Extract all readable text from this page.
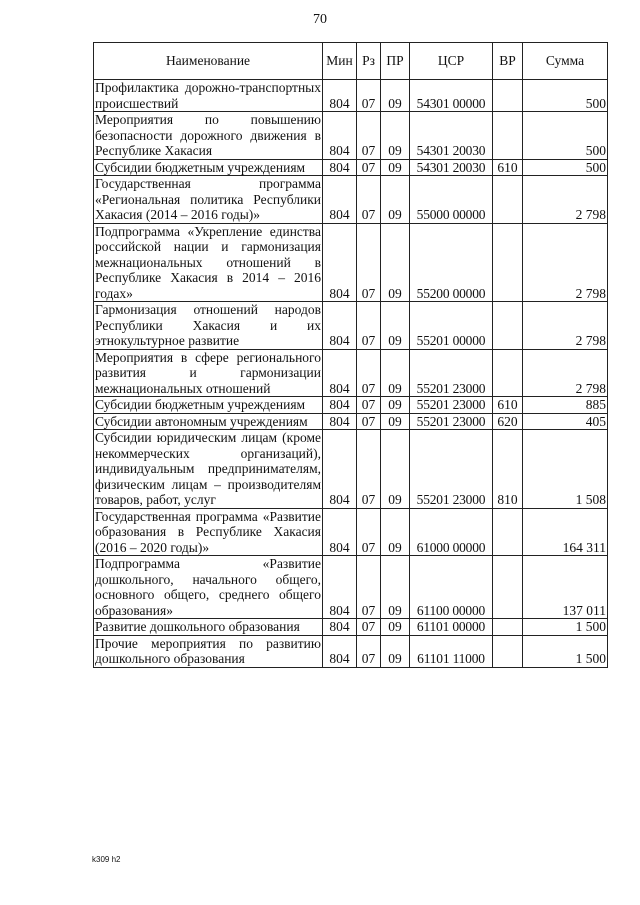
70
Наименование	Мин	Рз	ПР	ЦСР	ВР	Сумма
Профилактика дорожно-транспортных происшествий	804	07	09	54301 00000		500
Мероприятия по повышению безопасности дорожного движения в Республике Хакасия	804	07	09	54301 20030		500
Субсидии бюджетным учреждениям	804	07	09	54301 20030	610	500
Государственная программа «Региональная политика Республики Хакасия (2014 – 2016 годы)»	804	07	09	55000 00000		2 798
Подпрограмма «Укрепление единства российской нации и гармонизация межнациональных отношений в Республике Хакасия в 2014 – 2016 годах»	804	07	09	55200 00000		2 798
Гармонизация отношений народов Республики Хакасия и их этнокультурное развитие	804	07	09	55201 00000		2 798
Мероприятия в сфере регионального развития и гармонизации межнациональных отношений	804	07	09	55201 23000		2 798
Субсидии бюджетным учреждениям	804	07	09	55201 23000	610	885
Субсидии автономным учреждениям	804	07	09	55201 23000	620	405
Субсидии юридическим лицам (кроме некоммерческих организаций), индивидуальным предпринимателям, физическим лицам – производителям товаров, работ, услуг	804	07	09	55201 23000	810	1 508
Государственная программа «Развитие образования в Республике Хакасия (2016 – 2020 годы)»	804	07	09	61000 00000		164 311
Подпрограмма «Развитие дошкольного, начального общего, основного общего, среднего общего образования»	804	07	09	61100 00000		137 011
Развитие дошкольного образования	804	07	09	61101 00000		1 500
Прочие мероприятия по развитию дошкольного образования	804	07	09	61101 11000		1 500
k309 h2
